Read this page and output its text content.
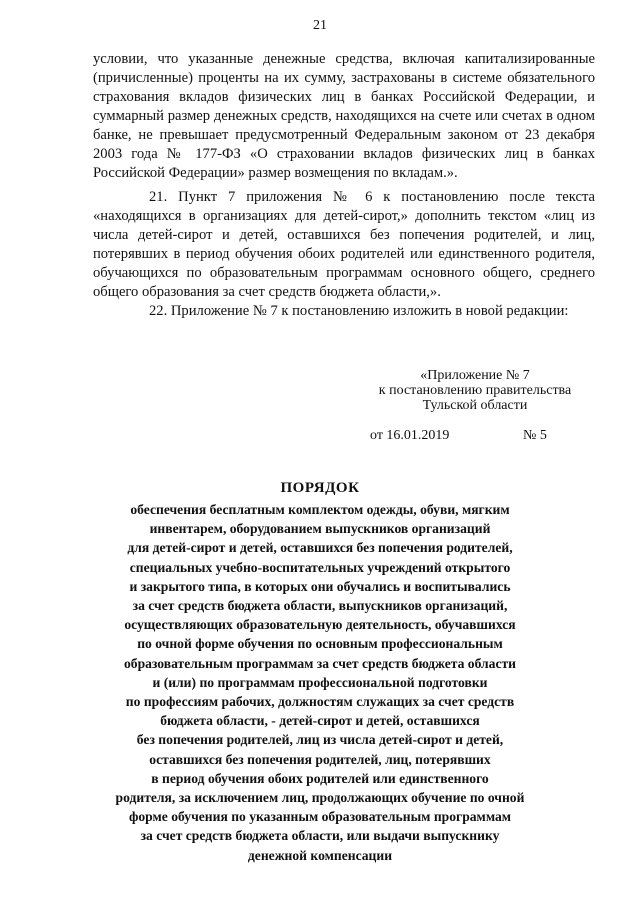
21

условии, что указанные денежные средства, включая капитализированные (причисленные) проценты на их сумму, застрахованы в системе обязательного страхования вкладов физических лиц в банках Российской Федерации, и суммарный размер денежных средств, находящихся на счете или счетах в одном банке, не превышает предусмотренный Федеральным законом от 23 декабря 2003 года № 177-ФЗ «О страховании вкладов физических лиц в банках Российской Федерации» размер возмещения по вкладам.».

21. Пункт 7 приложения № 6 к постановлению после текста «находящихся в организациях для детей-сирот,» дополнить текстом «лиц из числа детей-сирот и детей, оставшихся без попечения родителей, и лиц, потерявших в период обучения обоих родителей или единственного родителя, обучающихся по образовательным программам основного общего, среднего общего образования за счет средств бюджета области,».

22. Приложение № 7 к постановлению изложить в новой редакции:

«Приложение № 7
к постановлению правительства
Тульской области
от 16.01.2019	№ 5
ПОРЯДОК
обеспечения бесплатным комплектом одежды, обуви, мягким
инвентарем, оборудованием выпускников организаций
для детей-сирот и детей, оставшихся без попечения родителей,
специальных учебно-воспитательных учреждений открытого
и закрытого типа, в которых они обучались и воспитывались
за счет средств бюджета области, выпускников организаций,
осуществляющих образовательную деятельность, обучавшихся
по очной форме обучения по основным профессиональным
образовательным программам за счет средств бюджета области
и (или) по программам профессиональной подготовки
по профессиям рабочих, должностям служащих за счет средств
бюджета области, - детей-сирот и детей, оставшихся
без попечения родителей, лиц из числа детей-сирот и детей,
оставшихся без попечения родителей, лиц, потерявших
в период обучения обоих родителей или единственного
родителя, за исключением лиц, продолжающих обучение по очной
форме обучения по указанным образовательным программам
за счет средств бюджета области, или выдачи выпускнику
денежной компенсации
